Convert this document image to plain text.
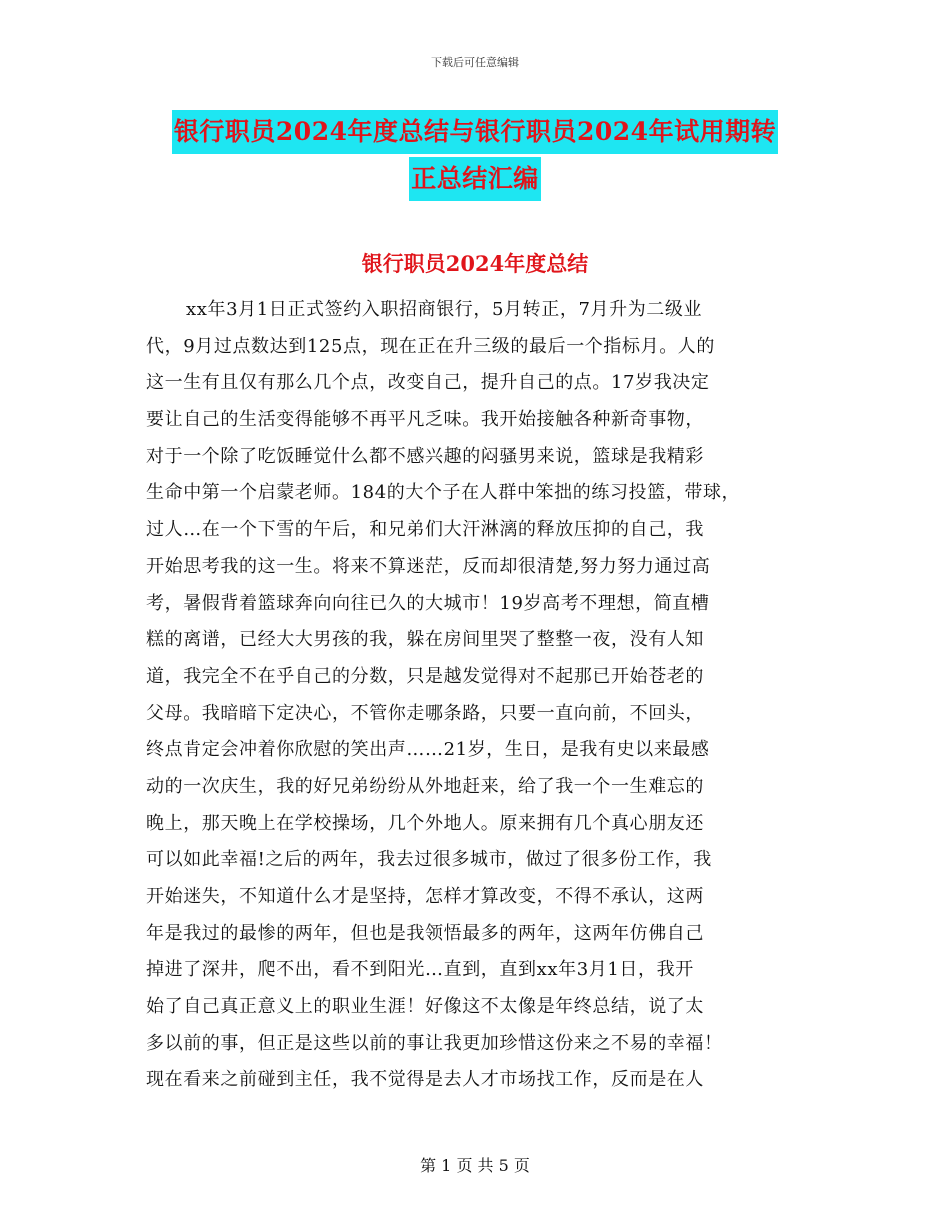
下载后可任意编辑
银行职员2024年度总结与银行职员2024年试用期转
正总结汇编
银行职员2024年度总结
xx年3月1日正式签约入职招商银行，5月转正，7月升为二级业
代，9月过点数达到125点，现在正在升三级的最后一个指标月。人的
这一生有且仅有那么几个点，改变自己，提升自己的点。17岁我决定
要让自己的生活变得能够不再平凡乏味。我开始接触各种新奇事物，
对于一个除了吃饭睡觉什么都不感兴趣的闷骚男来说，篮球是我精彩
生命中第一个启蒙老师。184的大个子在人群中笨拙的练习投篮，带球，
过人…在一个下雪的午后，和兄弟们大汗淋漓的释放压抑的自己，我
开始思考我的这一生。将来不算迷茫，反而却很清楚,努力努力通过高
考，暑假背着篮球奔向向往已久的大城市！19岁高考不理想，简直槽
糕的离谱，已经大大男孩的我，躲在房间里哭了整整一夜，没有人知
道，我完全不在乎自己的分数，只是越发觉得对不起那已开始苍老的
父母。我暗暗下定决心，不管你走哪条路，只要一直向前，不回头，
终点肯定会冲着你欣慰的笑出声……21岁，生日，是我有史以来最感
动的一次庆生，我的好兄弟纷纷从外地赶来，给了我一个一生难忘的
晚上，那天晚上在学校操场，几个外地人。原来拥有几个真心朋友还
可以如此幸福!之后的两年，我去过很多城市，做过了很多份工作，我
开始迷失，不知道什么才是坚持，怎样才算改变，不得不承认，这两
年是我过的最惨的两年，但也是我领悟最多的两年，这两年仿佛自己
掉进了深井，爬不出，看不到阳光…直到，直到xx年3月1日，我开
始了自己真正意义上的职业生涯！好像这不太像是年终总结，说了太
多以前的事，但正是这些以前的事让我更加珍惜这份来之不易的幸福！
现在看来之前碰到主任，我不觉得是去人才市场找工作，反而是在人
第 1 页 共 5 页
